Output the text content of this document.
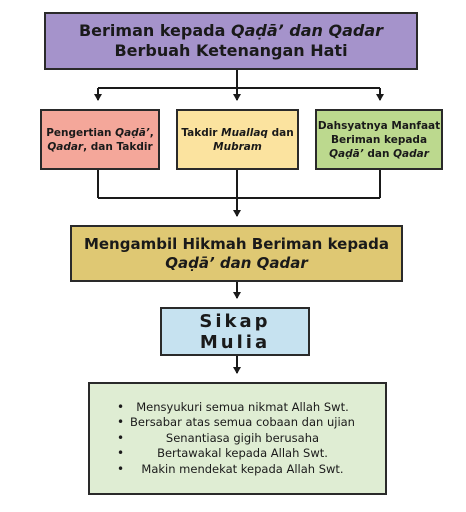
Beriman kepada Qaḍā’ dan Qadar
Berbuah Ketenangan Hati
Pengertian Qaḍā’,
Qadar, dan Takdir
Takdir Muallaq dan
Mubram
Dahsyatnya Manfaat
Beriman kepada
Qaḍā’ dan Qadar
Mengambil Hikmah Beriman kepada
Qaḍā’ dan Qadar
Sikap Mulia
• Mensyukuri semua nikmat Allah Swt.
• Bersabar atas semua cobaan dan ujian
• Senantiasa gigih berusaha
• Bertawakal kepada Allah Swt.
• Makin mendekat kepada Allah Swt.
